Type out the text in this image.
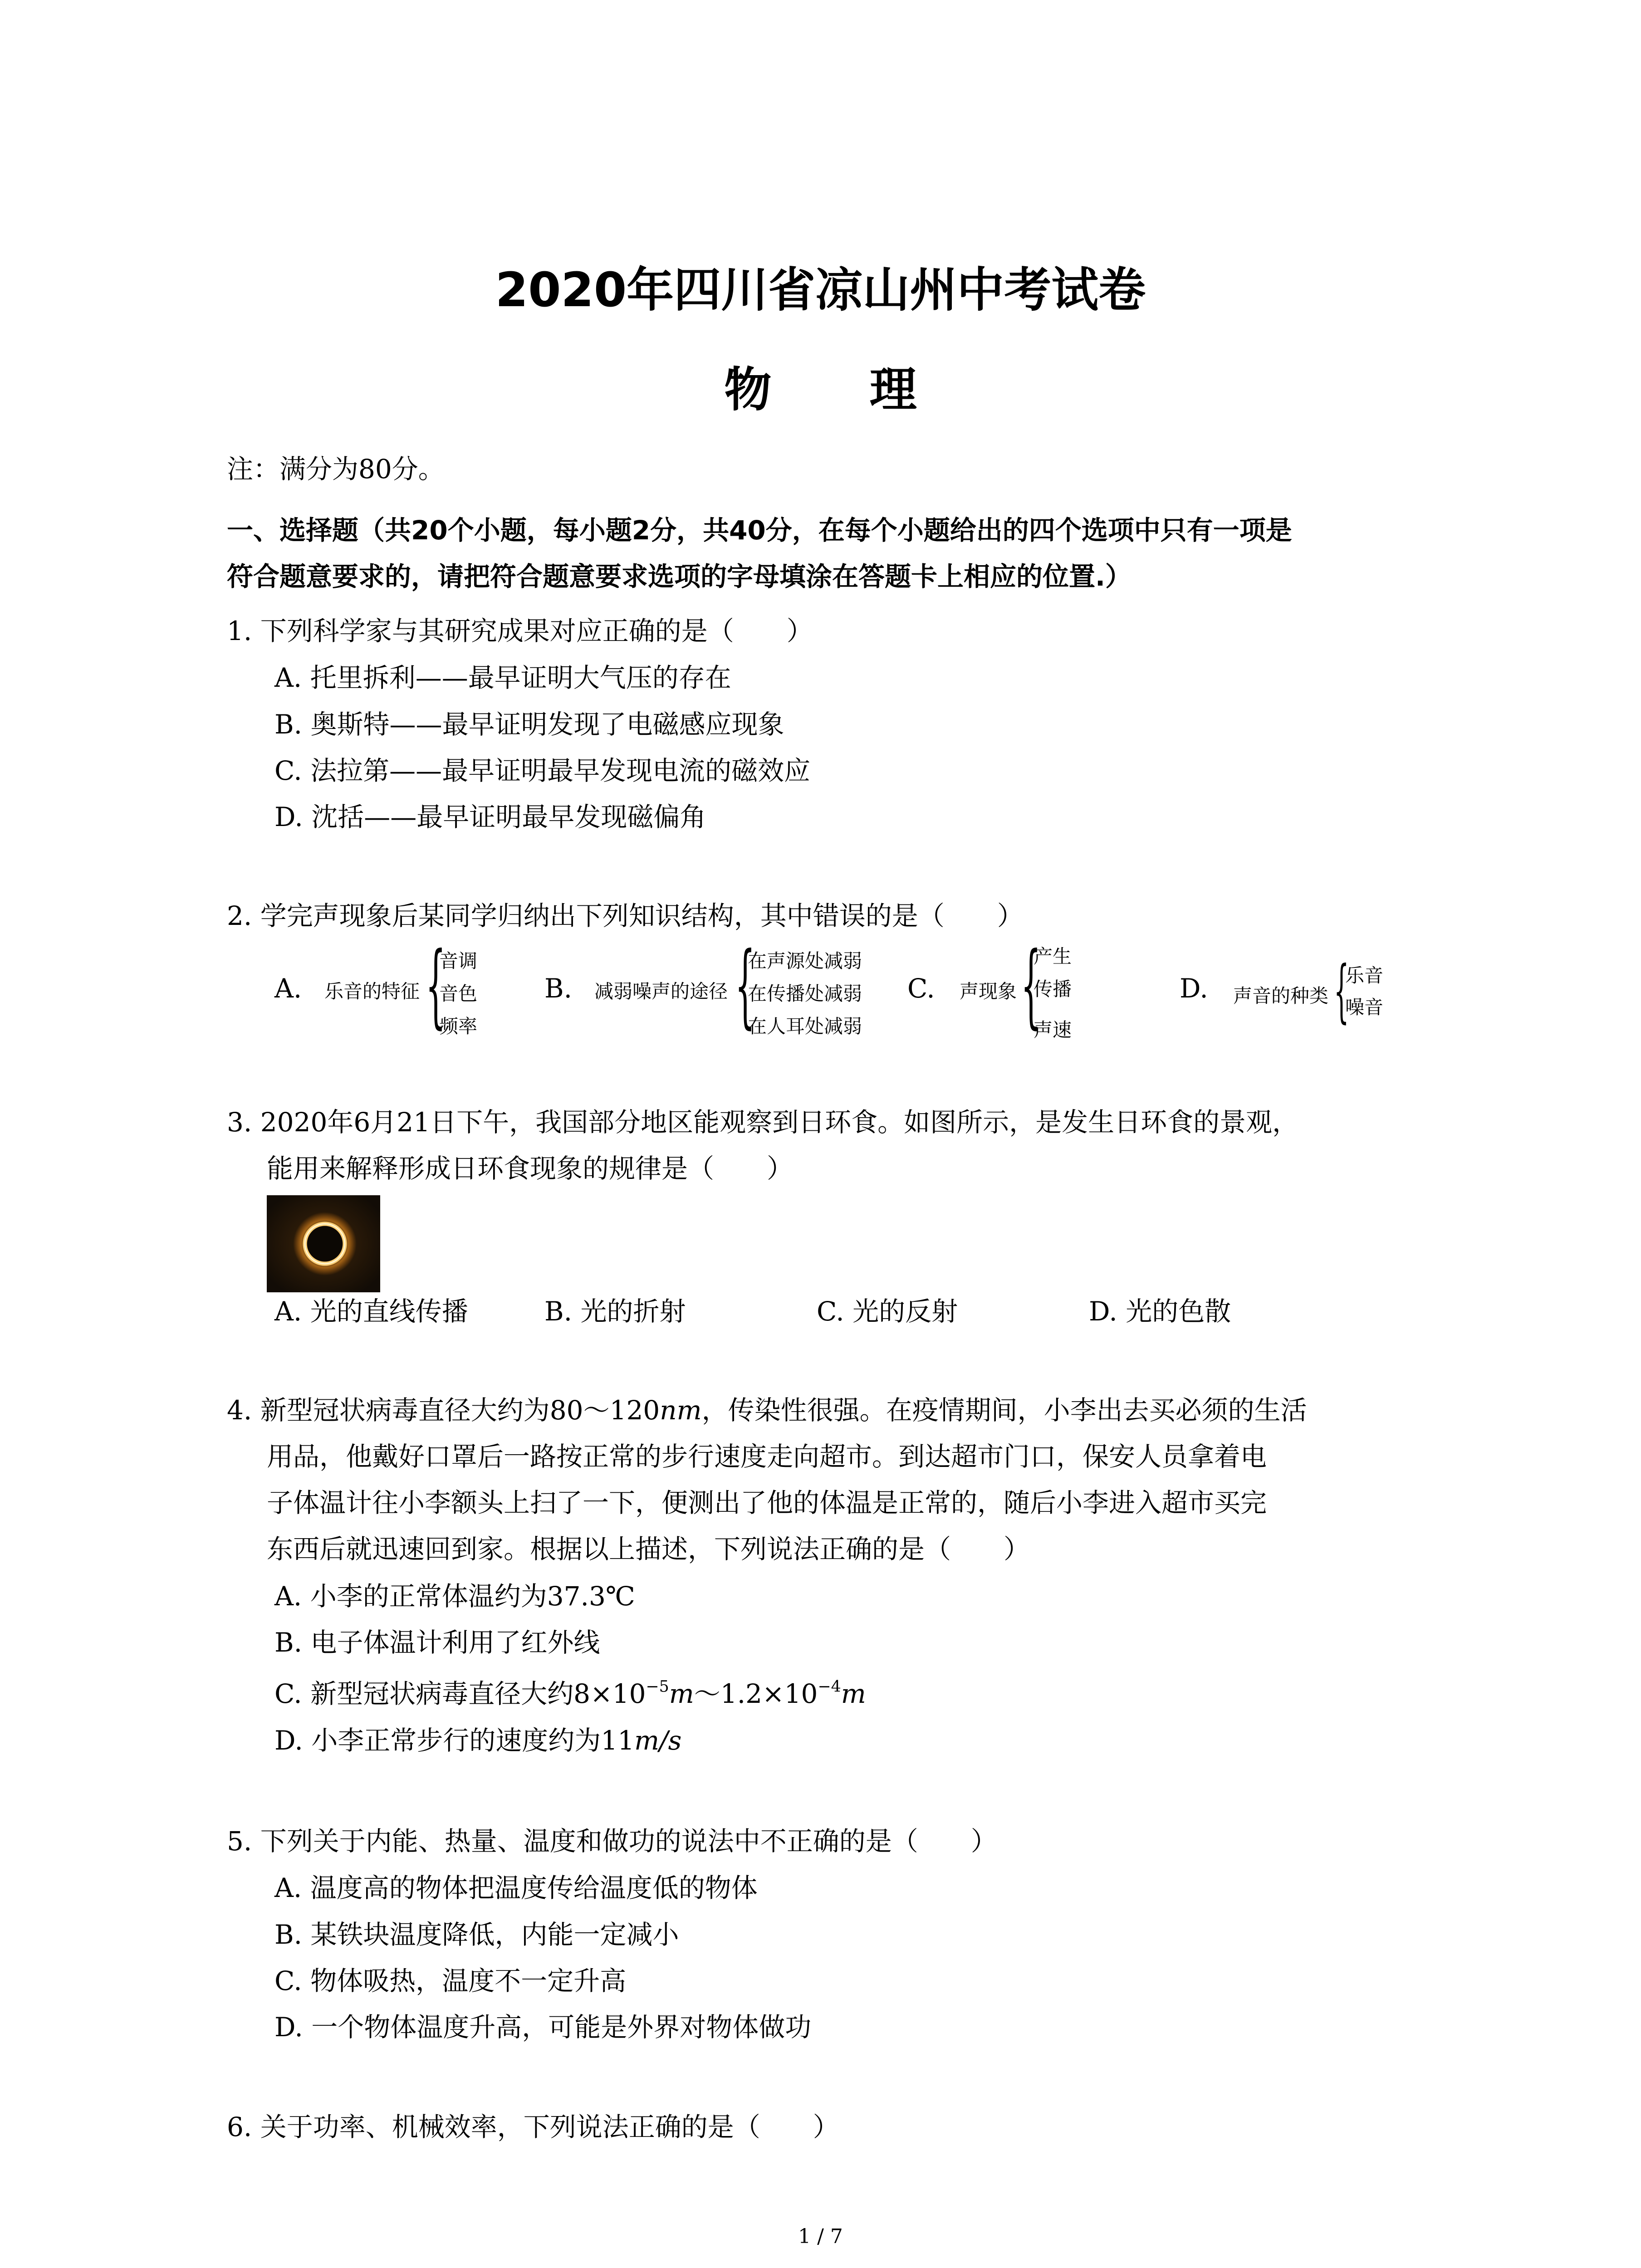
2020年四川省凉山州中考试卷
物 理
注：满分为80分。
一、选择题（共20个小题，每小题2分，共40分，在每个小题给出的四个选项中只有一项是
符合题意要求的，请把符合题意要求选项的字母填涂在答题卡上相应的位置.）
1. 下列科学家与其研究成果对应正确的是（　　）
A. 托里拆利——最早证明大气压的存在
B. 奥斯特——最早证明发现了电磁感应现象
C. 法拉第——最早证明最早发现电流的磁效应
D. 沈括——最早证明最早发现磁偏角
2. 学完声现象后某同学归纳出下列知识结构，其中错误的是（　　）
A. 乐音的特征 {
音调
音色
频率
B. 减弱噪声的途径 {
在声源处减弱
在传播处减弱
在人耳处减弱
C. 声现象 {
产生
传播
声速
D. 声音的种类 {
乐音
噪音
3. 2020年6月21日下午，我国部分地区能观察到日环食。如图所示，是发生日环食的景观，
能用来解释形成日环食现象的规律是（　　）
A. 光的直线传播	B. 光的折射	C. 光的反射	D. 光的色散
4. 新型冠状病毒直径大约为80～120nm，传染性很强。在疫情期间，小李出去买必须的生活
用品，他戴好口罩后一路按正常的步行速度走向超市。到达超市门口，保安人员拿着电
子体温计往小李额头上扫了一下，便测出了他的体温是正常的，随后小李进入超市买完
东西后就迅速回到家。根据以上描述，下列说法正确的是（　　）
A. 小李的正常体温约为37.3℃
B. 电子体温计利用了红外线
C. 新型冠状病毒直径大约$8\times 10^{-5}m\sim 1.2\times 10^{-4}m$
D. 小李正常步行的速度约为11m/s
5. 下列关于内能、热量、温度和做功的说法中不正确的是（　　）
A. 温度高的物体把温度传给温度低的物体
B. 某铁块温度降低，内能一定减小
C. 物体吸热，温度不一定升高
D. 一个物体温度升高，可能是外界对物体做功
6. 关于功率、机械效率，下列说法正确的是（　　）
1 / 7
